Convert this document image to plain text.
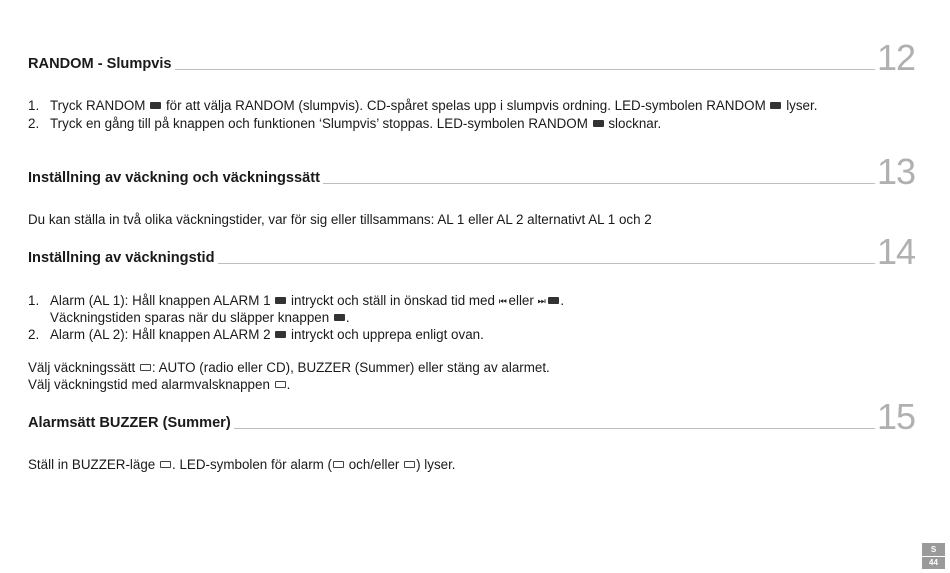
RANDOM - Slumpvis	12
1. Tryck RANDOM för att välja RANDOM (slumpvis). CD-spåret spelas upp i slumpvis ordning. LED-symbolen RANDOM lyser.
2. Tryck en gång till på knappen och funktionen ‘Slumpvis’ stoppas. LED-symbolen RANDOM slocknar.
Inställning av väckning och väckningssätt	13
Du kan ställa in två olika väckningstider, var för sig eller tillsammans: AL 1 eller AL 2 alternativt AL 1 och 2
Inställning av väckningstid	14
1. Alarm (AL 1): Håll knappen ALARM 1 intryckt och ställ in önskad tid med ⏮ eller ⏭ .
Väckningstiden sparas när du släpper knappen .
2. Alarm (AL 2): Håll knappen ALARM 2 intryckt och upprepa enligt ovan.
Välj väckningssätt : AUTO (radio eller CD), BUZZER (Summer) eller stäng av alarmet.
Välj väckningstid med alarmvalsknappen .
Alarmsätt BUZZER (Summer)	15
Ställ in BUZZER-läge . LED-symbolen för alarm ( och/eller ) lyser.
S
44
